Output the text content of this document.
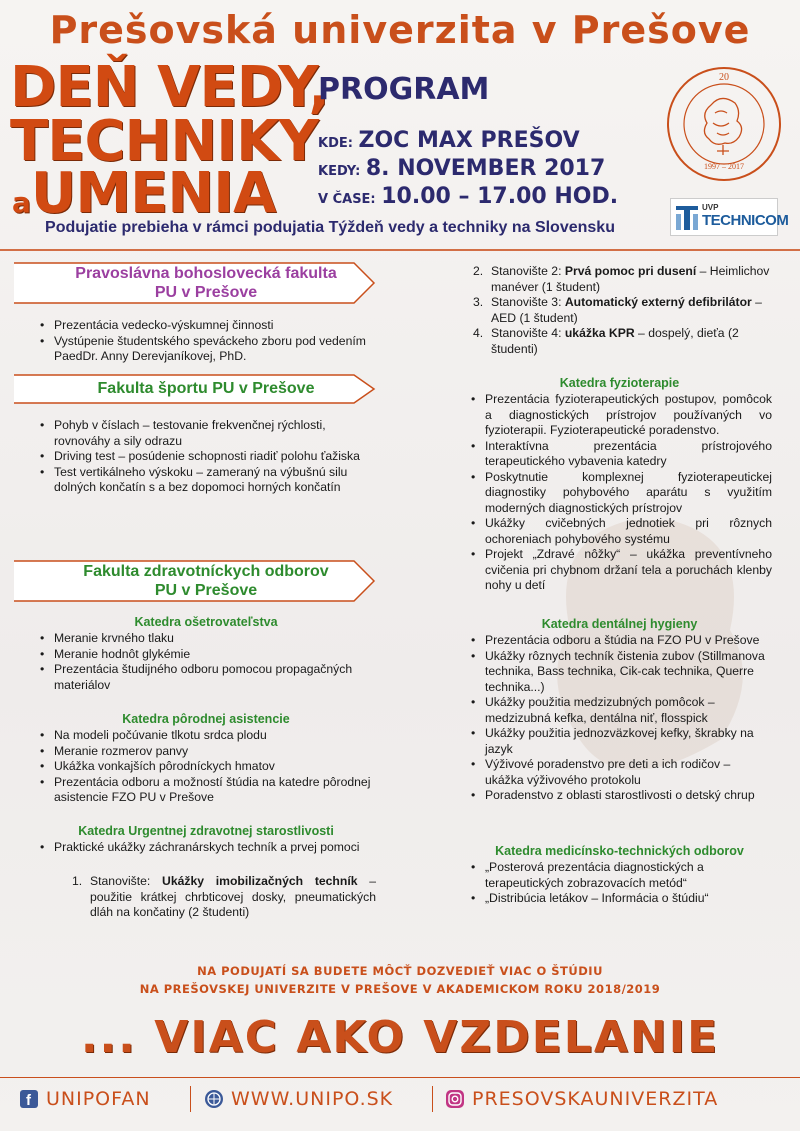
Prešovská univerzita v Prešove
DEŇ VEDY,
TECHNIKY
aUMENIA
PROGRAM
KDE: ZOC MAX PREŠOV
KEDY: 8. NOVEMBER 2017
V ČASE: 10.00 – 17.00 HOD.
Podujatie prebieha v rámci podujatia Týždeň vedy a techniky na Slovensku
20
1997 – 2017
UVP
TECHNICOM
Pravoslávna bohoslovecká fakulta
PU v Prešove
• Prezentácia vedecko-výskumnej činnosti
• Vystúpenie študentského speváckeho zboru pod vedením PaedDr. Anny Derevjaníkovej, PhD.
Fakulta športu PU v Prešove
• Pohyb v číslach – testovanie frekvenčnej rýchlosti, rovnováhy a sily odrazu
• Driving test – posúdenie schopnosti riadiť polohu ťažiska
• Test vertikálneho výskoku – zameraný na výbušnú silu dolných končatín s a bez dopomoci horných končatín
Fakulta zdravotníckych odborov
PU v Prešove
Katedra ošetrovateľstva
• Meranie krvného tlaku
• Meranie hodnôt glykémie
• Prezentácia študijného odboru pomocou propagačných materiálov
Katedra pôrodnej asistencie
• Na modeli počúvanie tlkotu srdca plodu
• Meranie rozmerov panvy
• Ukážka vonkajších pôrodníckych hmatov
• Prezentácia odboru a možností štúdia na katedre pôrodnej asistencie FZO PU v Prešove
Katedra Urgentnej zdravotnej starostlivosti
• Praktické ukážky záchranárskych techník a prvej pomoci
1. Stanovište: Ukážky imobilizačných techník – použitie krátkej chrbticovej dosky, pneumatických dláh na končatiny (2 študenti)
2. Stanovište 2: Prvá pomoc pri dusení – Heimlichov manéver (1 študent)
3. Stanovište 3: Automatický externý defibrilátor – AED (1 študent)
4. Stanovište 4: ukážka KPR – dospelý, dieťa (2 študenti)
Katedra fyzioterapie
• Prezentácia fyzioterapeutických postupov, pomôcok a diagnostických prístrojov používaných vo fyzioterapii. Fyzioterapeutické poradenstvo.
• Interaktívna prezentácia prístrojového terapeutického vybavenia katedry
• Poskytnutie komplexnej fyzioterapeutickej diagnostiky pohybového aparátu s využitím moderných diagnostických prístrojov
• Ukážky cvičebných jednotiek pri rôznych ochoreniach pohybového systému
• Projekt „Zdravé nôžky“ – ukážka preventívneho cvičenia pri chybnom držaní tela a poruchách klenby nohy u detí
Katedra dentálnej hygieny
• Prezentácia odboru a štúdia na FZO PU v Prešove
• Ukážky rôznych techník čistenia zubov (Stillmanova technika, Bass technika, Cik-cak technika, Querre technika...)
• Ukážky použitia medzizubných pomôcok – medzizubná kefka, dentálna niť, flosspick
• Ukážky použitia jednozväzkovej kefky, škrabky na jazyk
• Výživové poradenstvo pre deti a ich rodičov – ukážka výživového protokolu
• Poradenstvo z oblasti starostlivosti o detský chrup
Katedra medicínsko-technických odborov
• „Posterová prezentácia diagnostických a terapeutických zobrazovacích metód“
• „Distribúcia letákov – Informácia o štúdiu“
NA PODUJATÍ SA BUDETE MÔCŤ DOZVEDIEŤ VIAC O ŠTÚDIU
NA PREŠOVSKEJ UNIVERZITE V PREŠOVE V AKADEMICKOM ROKU 2018/2019
... VIAC AKO VZDELANIE
f UNIPOFAN	WWW.UNIPO.SK	PRESOVSKAUNIVERZITA
